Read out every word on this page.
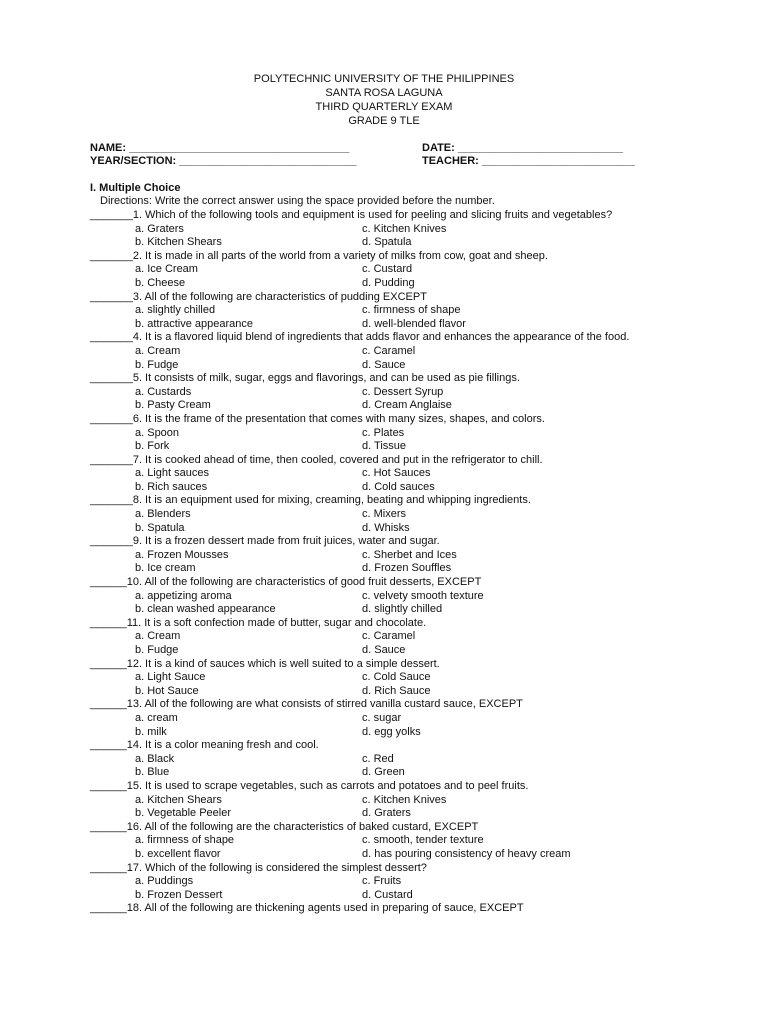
POLYTECHNIC UNIVERSITY OF THE PHILIPPINES
SANTA ROSA LAGUNA
THIRD QUARTERLY EXAM
GRADE 9 TLE
NAME: ____________________________________	DATE: ___________________________
YEAR/SECTION: _____________________________	TEACHER: _________________________
I. Multiple Choice
Directions: Write the correct answer using the space provided before the number.
_______1. Which of the following tools and equipment is used for peeling and slicing fruits and vegetables?
a. Graters	c. Kitchen Knives
b. Kitchen Shears	d. Spatula
_______2. It is made in all parts of the world from a variety of milks from cow, goat and sheep.
a. Ice Cream	c. Custard
b. Cheese	d. Pudding
_______3. All of the following are characteristics of pudding EXCEPT
a. slightly chilled	c. firmness of shape
b. attractive appearance	d. well-blended flavor
_______4. It is a flavored liquid blend of ingredients that adds flavor and enhances the appearance of the food.
a. Cream	c. Caramel
b. Fudge	d. Sauce
_______5. It consists of milk, sugar, eggs and flavorings, and can be used as pie fillings.
a. Custards	c. Dessert Syrup
b. Pasty Cream	d. Cream Anglaise
_______6. It is the frame of the presentation that comes with many sizes, shapes, and colors.
a. Spoon	c. Plates
b. Fork	d. Tissue
_______7. It is cooked ahead of time, then cooled, covered and put in the refrigerator to chill.
a. Light sauces	c. Hot Sauces
b. Rich sauces	d. Cold sauces
_______8. It is an equipment used for mixing, creaming, beating and whipping ingredients.
a. Blenders	c. Mixers
b. Spatula	d. Whisks
_______9. It is a frozen dessert made from fruit juices, water and sugar.
a. Frozen Mousses	c. Sherbet and Ices
b. Ice cream	d. Frozen Souffles
______10. All of the following are characteristics of good fruit desserts, EXCEPT
a. appetizing aroma	c. velvety smooth texture
b. clean washed appearance	d. slightly chilled
______11. It is a soft confection made of butter, sugar and chocolate.
a. Cream	c. Caramel
b. Fudge	d. Sauce
______12. It is a kind of sauces which is well suited to a simple dessert.
a. Light Sauce	c. Cold Sauce
b. Hot Sauce	d. Rich Sauce
______13. All of the following are what consists of stirred vanilla custard sauce, EXCEPT
a. cream	c. sugar
b. milk	d. egg yolks
______14. It is a color meaning fresh and cool.
a. Black	c. Red
b. Blue	d. Green
______15. It is used to scrape vegetables, such as carrots and potatoes and to peel fruits.
a. Kitchen Shears	c. Kitchen Knives
b. Vegetable Peeler	d. Graters
______16. All of the following are the characteristics of baked custard, EXCEPT
a. firmness of shape	c. smooth, tender texture
b. excellent flavor	d. has pouring consistency of heavy cream
______17. Which of the following is considered the simplest dessert?
a. Puddings	c. Fruits
b. Frozen Dessert	d. Custard
______18. All of the following are thickening agents used in preparing of sauce, EXCEPT
